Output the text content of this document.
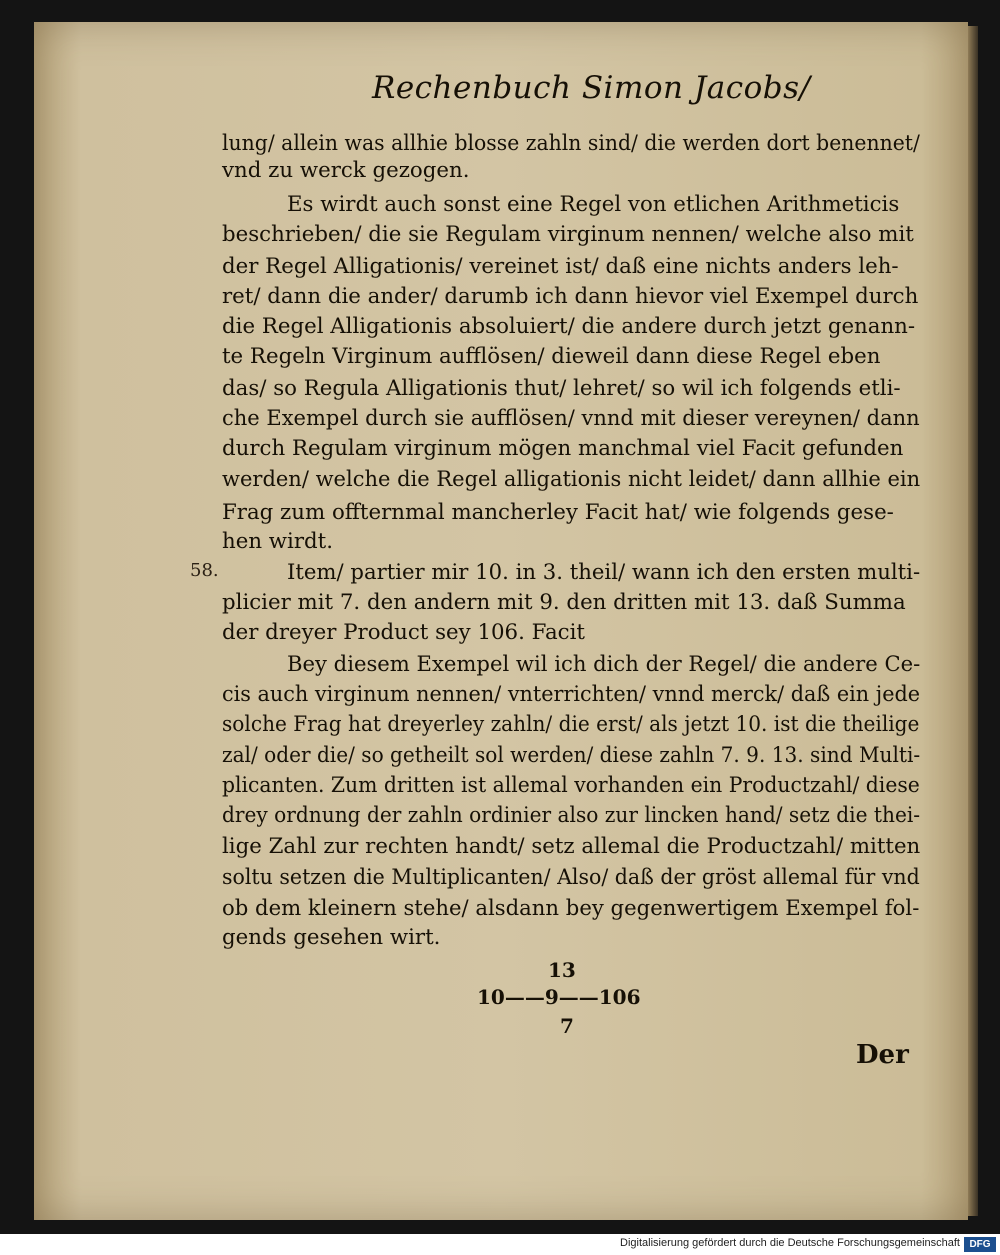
Rechenbuch Simon Jacobs/
58.
lung/ allein was allhie blosse zahln sind/ die werden dort benennet/
vnd zu werck gezogen.
Es wirdt auch sonst eine Regel von etlichen Arithmeticis
beschrieben/ die sie Regulam virginum nennen/ welche also mit
der Regel Alligationis/ vereinet ist/ daß eine nichts anders leh-
ret/ dann die ander/ darumb ich dann hievor viel Exempel durch
die Regel Alligationis absoluiert/ die andere durch jetzt genann-
te Regeln Virginum aufflösen/ dieweil dann diese Regel eben
das/ so Regula Alligationis thut/ lehret/ so wil ich folgends etli-
che Exempel durch sie aufflösen/ vnnd mit dieser vereynen/ dann
durch Regulam virginum mögen manchmal viel Facit gefunden
werden/ welche die Regel alligationis nicht leidet/ dann allhie ein
Frag zum offternmal mancherley Facit hat/ wie folgends gese-
hen wirdt.
Item/ partier mir 10. in 3. theil/ wann ich den ersten multi-
plicier mit 7. den andern mit 9. den dritten mit 13. daß Summa
der dreyer Product sey 106. Facit
Bey diesem Exempel wil ich dich der Regel/ die andere Ce-
cis auch virginum nennen/ vnterrichten/ vnnd merck/ daß ein jede
solche Frag hat dreyerley zahln/ die erst/ als jetzt 10. ist die theilige
zal/ oder die/ so getheilt sol werden/ diese zahln 7. 9. 13. sind Multi-
plicanten. Zum dritten ist allemal vorhanden ein Productzahl/ diese
drey ordnung der zahln ordinier also zur lincken hand/ setz die thei-
lige Zahl zur rechten handt/ setz allemal die Productzahl/ mitten
soltu setzen die Multiplicanten/ Also/ daß der gröst allemal für vnd
ob dem kleinern stehe/ alsdann bey gegenwertigem Exempel fol-
gends gesehen wirt.
13
10——9——106
7
Der
Digitalisierung gefördert durch die Deutsche Forschungsgemeinschaft DFG
